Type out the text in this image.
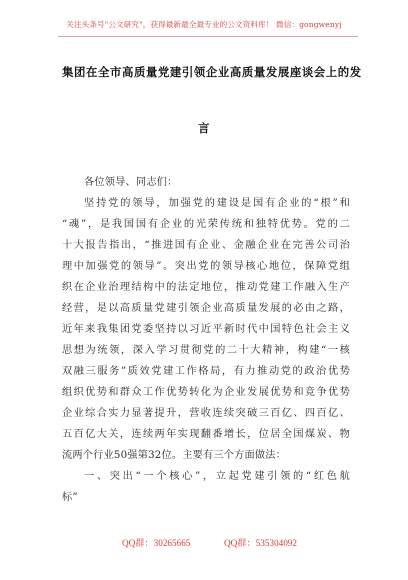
关注头条号"公文研究"，获得最新最全最专业的公文资料库！ 微信：gongwenyj
集团在全市高质量党建引领企业高质量发展座谈会上的发
言
各位领导、同志们：
坚持党的领导，加强党的建设是国有企业的“根”和
“魂”，是我国国有企业的光荣传统和独特优势。党的二
十大报告指出，“推进国有企业、金融企业在完善公司治
理中加强党的领导”。突出党的领导核心地位，保障党组
织在企业治理结构中的法定地位，推动党建工作融入生产
经营，是以高质量党建引领企业高质量发展的必由之路，
近年来我集团党委坚持以习近平新时代中国特色社会主义
思想为统领，深入学习贯彻党的二十大精神，构建“一核
双融三服务”质效党建工作格局，有力推动党的政治优势
组织优势和群众工作优势转化为企业发展优势和竞争优势
企业综合实力显著提升，营收连续突破三百亿、四百亿、
五百亿大关，连续两年实现翻番增长，位居全国煤炭、物
流两个行业50强第32位。主要有三个方面做法：
一、突出“一个核心”，立起党建引领的“红色航
标”
QQ群：30265665	QQ群：535304092
